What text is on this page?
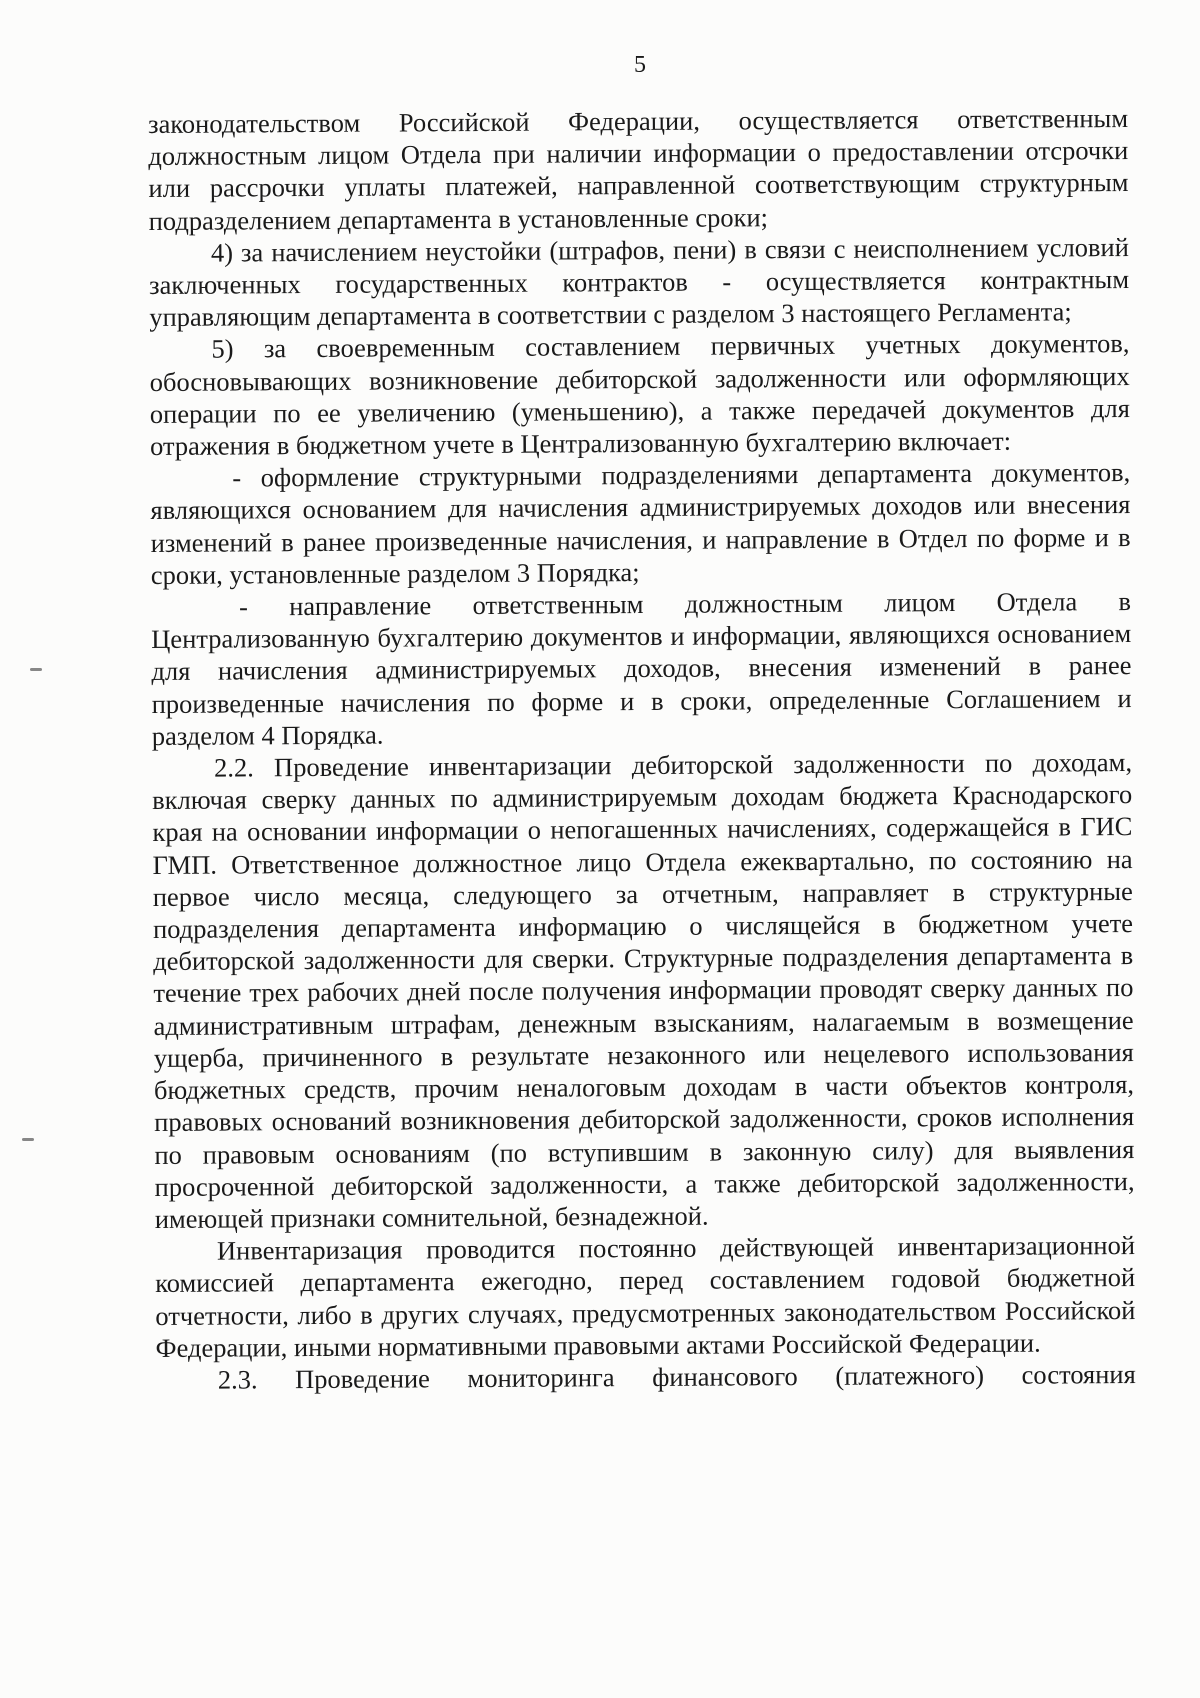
5

законодательством Российской Федерации, осуществляется ответственным должностным лицом Отдела при наличии информации о предоставлении отсрочки или рассрочки уплаты платежей, направленной соответствующим структурным подразделением департамента в установленные сроки;

4) за начислением неустойки (штрафов, пени) в связи с неисполнением условий заключенных государственных контрактов - осуществляется контрактным управляющим департамента в соответствии с разделом 3 настоящего Регламента;

5) за своевременным составлением первичных учетных документов, обосновывающих возникновение дебиторской задолженности или оформляющих операции по ее увеличению (уменьшению), а также передачей документов для отражения в бюджетном учете в Централизованную бухгалтерию включает:

- оформление структурными подразделениями департамента документов, являющихся основанием для начисления администрируемых доходов или внесения изменений в ранее произведенные начисления, и направление в Отдел по форме и в сроки, установленные разделом 3 Порядка;

- направление ответственным должностным лицом Отдела в Централизованную бухгалтерию документов и информации, являющихся основанием для начисления администрируемых доходов, внесения изменений в ранее произведенные начисления по форме и в сроки, определенные Соглашением и разделом 4 Порядка.

2.2. Проведение инвентаризации дебиторской задолженности по доходам, включая сверку данных по администрируемым доходам бюджета Краснодарского края на основании информации о непогашенных начислениях, содержащейся в ГИС ГМП. Ответственное должностное лицо Отдела ежеквартально, по состоянию на первое число месяца, следующего за отчетным, направляет в структурные подразделения департамента информацию о числящейся в бюджетном учете дебиторской задолженности для сверки. Структурные подразделения департамента в течение трех рабочих дней после получения информации проводят сверку данных по административным штрафам, денежным взысканиям, налагаемым в возмещение ущерба, причиненного в результате незаконного или нецелевого использования бюджетных средств, прочим неналоговым доходам в части объектов контроля, правовых оснований возникновения дебиторской задолженности, сроков исполнения по правовым основаниям (по вступившим в законную силу) для выявления просроченной дебиторской задолженности, а также дебиторской задолженности, имеющей признаки сомнительной, безнадежной.

Инвентаризация проводится постоянно действующей инвентаризационной комиссией департамента ежегодно, перед составлением годовой бюджетной отчетности, либо в других случаях, предусмотренных законодательством Российской Федерации, иными нормативными правовыми актами Российской Федерации.

2.3. Проведение мониторинга финансового (платежного) состояния
